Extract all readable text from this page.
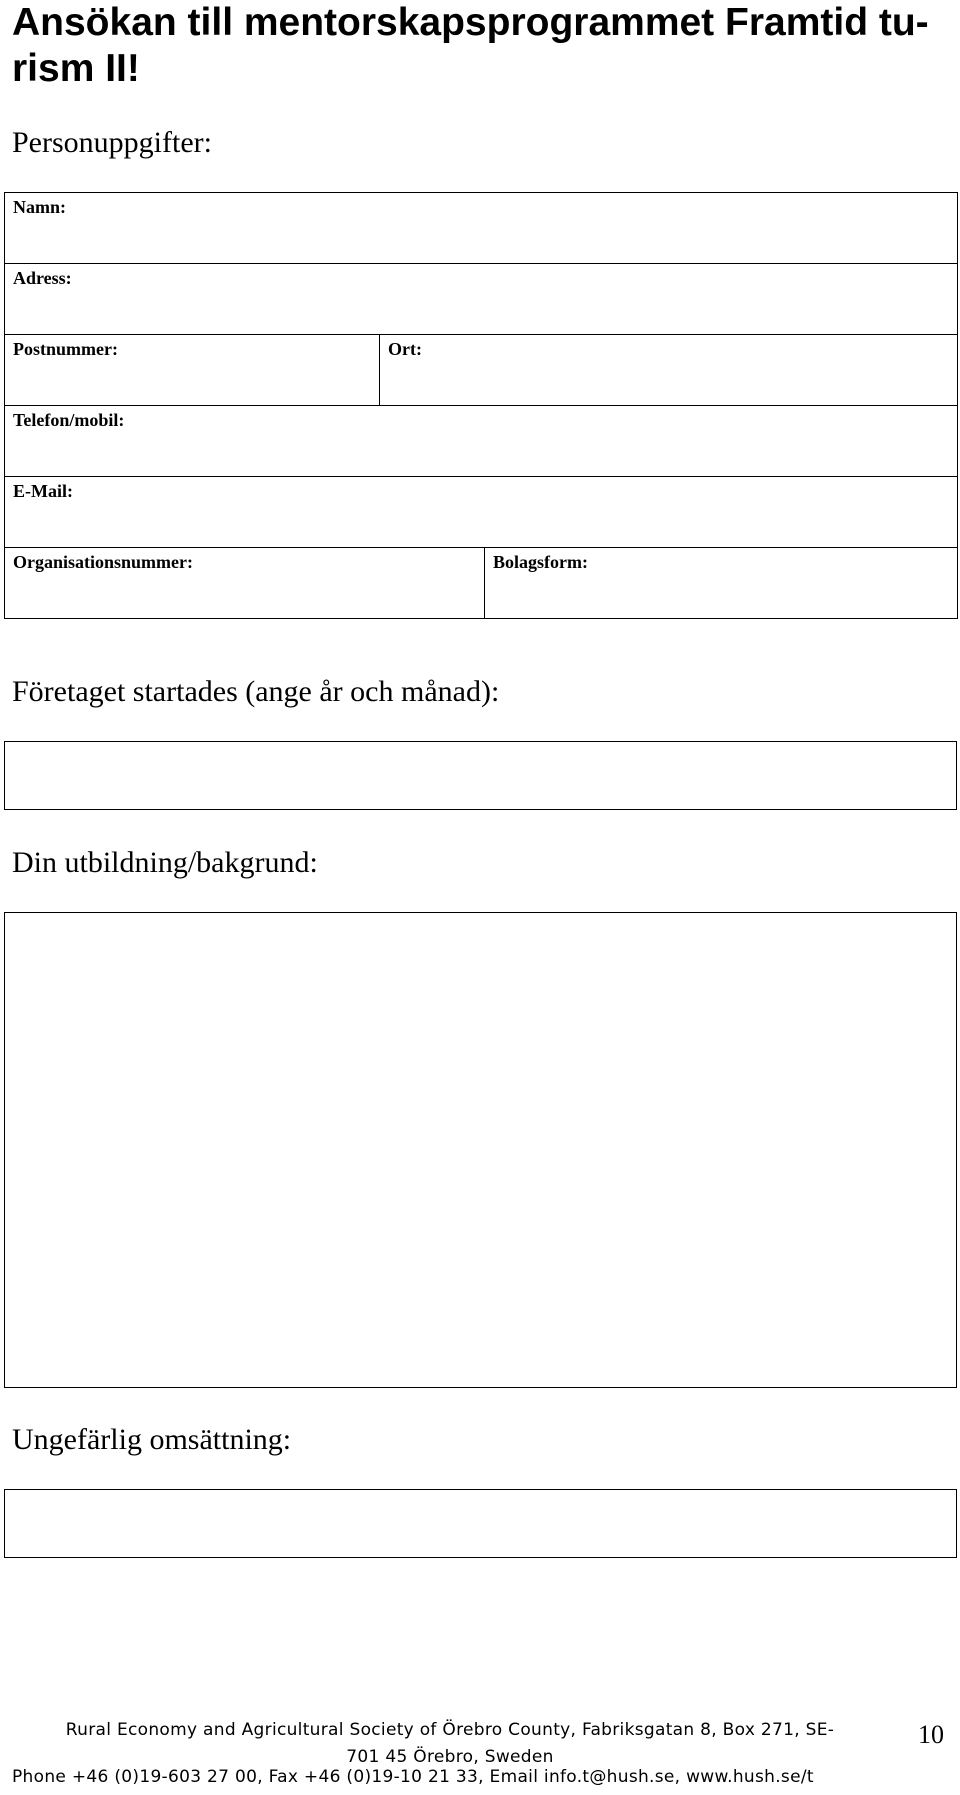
Ansökan till mentorskapsprogrammet Framtid tu-
rism II!
Personuppgifter:
Namn:		
Adress:		
Postnummer:	Ort:	
Telefon/mobil:		
E-Mail:		
Organisationsnummer:		Bolagsform:
Företaget startades (ange år och månad):
Din utbildning/bakgrund:
Ungefärlig omsättning:
Rural Economy and Agricultural Society of Örebro County, Fabriksgatan 8, Box 271, SE-
701 45 Örebro, Sweden
Phone +46 (0)19-603 27 00, Fax +46 (0)19-10 21 33, Email info.t@hush.se, www.hush.se/t
10
